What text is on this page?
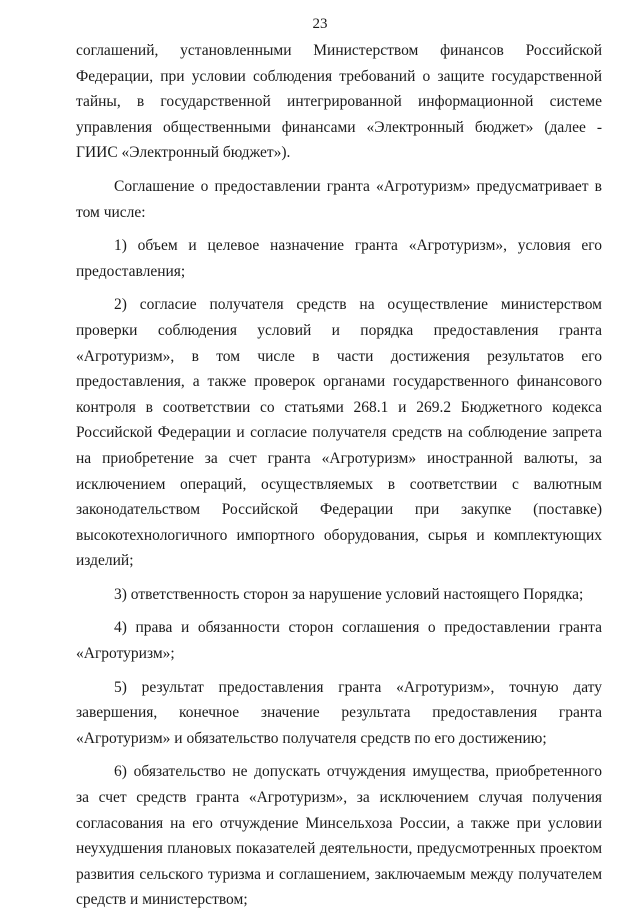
23

соглашений, установленными Министерством финансов Российской Федерации, при условии соблюдения требований о защите государственной тайны, в государственной интегрированной информационной системе управления общественными финансами «Электронный бюджет» (далее - ГИИС «Электронный бюджет»).

Соглашение о предоставлении гранта «Агротуризм» предусматривает в том числе:

1) объем и целевое назначение гранта «Агротуризм», условия его предоставления;

2) согласие получателя средств на осуществление министерством проверки соблюдения условий и порядка предоставления гранта «Агротуризм», в том числе в части достижения результатов его предоставления, а также проверок органами государственного финансового контроля в соответствии со статьями 268.1 и 269.2 Бюджетного кодекса Российской Федерации и согласие получателя средств на соблюдение запрета на приобретение за счет гранта «Агротуризм» иностранной валюты, за исключением операций, осуществляемых в соответствии с валютным законодательством Российской Федерации при закупке (поставке) высокотехнологичного импортного оборудования, сырья и комплектующих изделий;

3) ответственность сторон за нарушение условий настоящего Порядка;

4) права и обязанности сторон соглашения о предоставлении гранта «Агротуризм»;

5) результат предоставления гранта «Агротуризм», точную дату завершения, конечное значение результата предоставления гранта «Агротуризм» и обязательство получателя средств по его достижению;

6) обязательство не допускать отчуждения имущества, приобретенного за счет средств гранта «Агротуризм», за исключением случая получения согласования на его отчуждение Минсельхоза России, а также при условии неухудшения плановых показателей деятельности, предусмотренных проектом развития сельского туризма и соглашением, заключаемым между получателем средств и министерством;
